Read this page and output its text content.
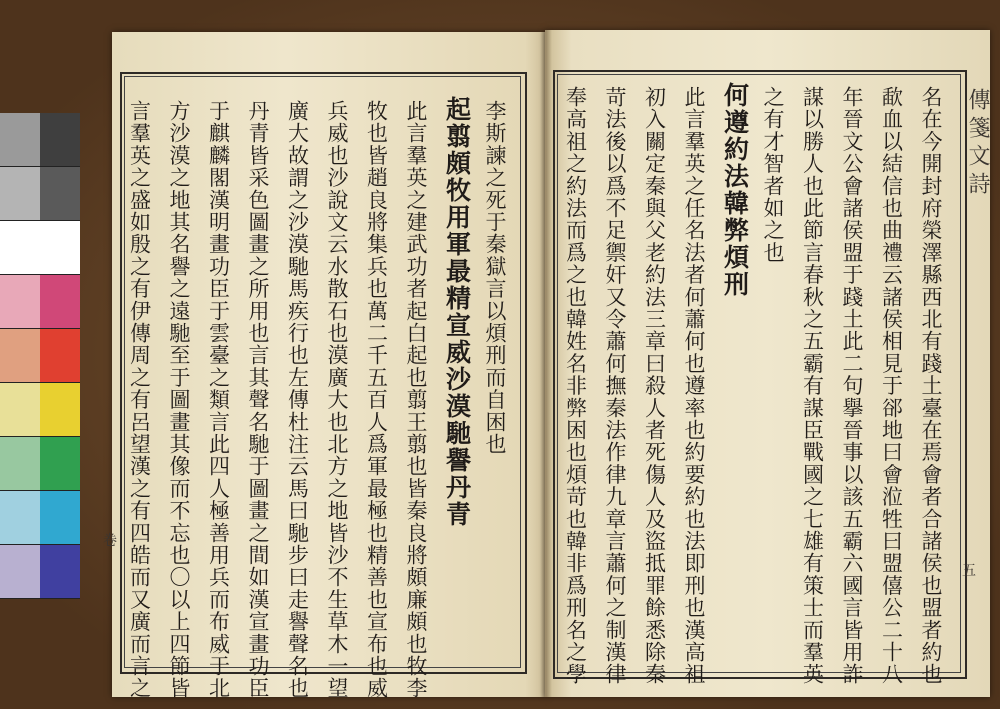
傳箋文詩
五
卷	名在今開封府榮澤縣西北有踐土臺在焉會者合諸侯也盟者約也
歃血以結信也曲禮云諸侯相見于郤地曰會涖牲曰盟僖公二十八
年晉文公會諸侯盟于踐土此二句擧晉事以該五霸六國言皆用詐
謀以勝人也此節言春秋之五霸有謀臣戰國之七雄有策士而羣英
之有才智者如之也
何遵約法韓弊煩刑
此言羣英之任名法者何蕭何也遵率也約要約也法即刑也漢高祖
初入關定秦與父老約法三章曰殺人者死傷人及盜抵罪餘悉除秦
苛法後以爲不足禦奸又令蕭何撫秦法作律九章言蕭何之制漢律
奉高祖之約法而爲之也韓姓名非弊困也煩苛也韓非爲刑名之學
李斯諫之死于秦獄言以煩刑而自困也
起翦頗牧用軍最精宣威沙漠馳譽丹青
此言羣英之建武功者起白起也翦王翦也皆秦良將頗廉頗也牧李
牧也皆趙良將集兵也萬二千五百人爲軍最極也精善也宣布也威
兵威也沙說文云水散石也漠廣大也北方之地皆沙不生草木一望
廣大故謂之沙漠馳馬疾行也左傳杜注云馬曰馳步曰走譽聲名也
丹青皆采色圖畫之所用也言其聲名馳于圖畫之間如漢宣畫功臣
于麒麟閣漢明畫功臣于雲臺之類言此四人極善用兵而布威于北
方沙漠之地其名譽之遠馳至于圖畫其像而不忘也〇以上四節皆
言羣英之盛如殷之有伊傳周之有呂望漢之有四皓而又廣而言之
